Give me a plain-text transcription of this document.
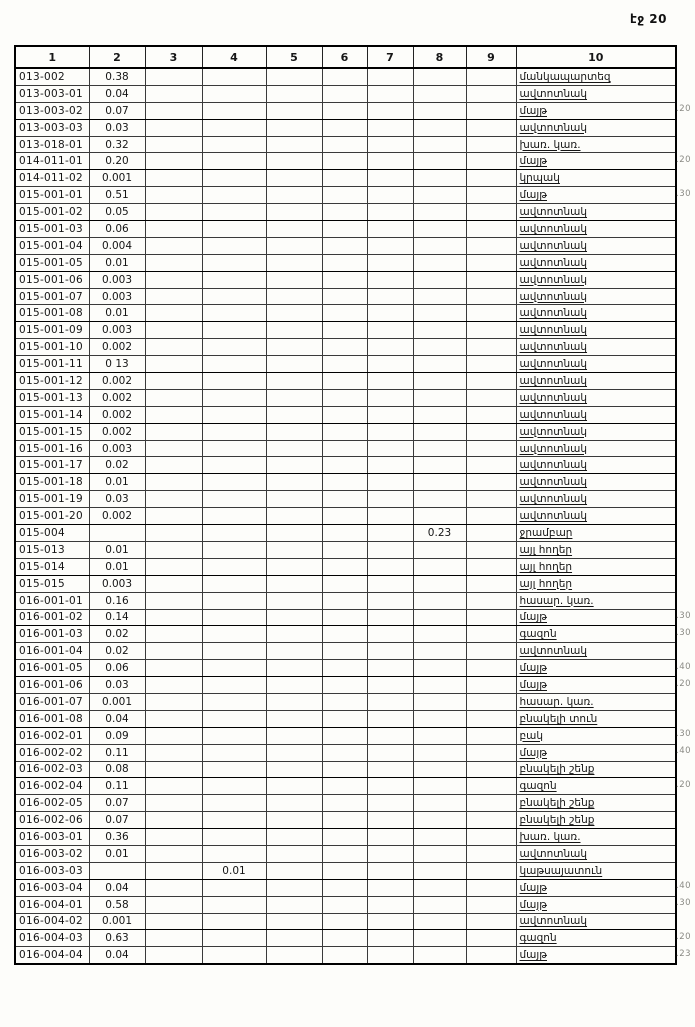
էջ 20
1	2	3	4	5	6	7	8	9	10
013-002	0.38								մանկապարտեզ
013-003-01	0.04								ավտոտնակ
013-003-02	0.07								մայթ
013-003-03	0.03								ավտոտնակ
013-018-01	0.32								խառ. կառ.
014-011-01	0.20								մայթ
014-011-02	0.001								կրպակ
015-001-01	0.51								մայթ
015-001-02	0.05								ավտոտնակ
015-001-03	0.06								ավտոտնակ
015-001-04	0.004								ավտոտնակ
015-001-05	0.01								ավտոտնակ
015-001-06	0.003								ավտոտնակ
015-001-07	0.003								ավտոտնակ
015-001-08	0.01								ավտոտնակ
015-001-09	0.003								ավտոտնակ
015-001-10	0.002								ավտոտնակ
015-001-11	0 13								ավտոտնակ
015-001-12	0.002								ավտոտնակ
015-001-13	0.002								ավտոտնակ
015-001-14	0.002								ավտոտնակ
015-001-15	0.002								ավտոտնակ
015-001-16	0.003								ավտոտնակ
015-001-17	0.02								ավտոտնակ
015-001-18	0.01								ավտոտնակ
015-001-19	0.03								ավտոտնակ
015-001-20	0.002								ավտոտնակ
015-004							0.23		ջրամբար
015-013	0.01								այլ հողեր
015-014	0.01								այլ հողեր
015-015	0.003								այլ հողեր
016-001-01	0.16								հասար. կառ.
016-001-02	0.14								մայթ
016-001-03	0.02								գազոն
016-001-04	0.02								ավտոտնակ
016-001-05	0.06								մայթ
016-001-06	0.03								մայթ
016-001-07	0.001								հասար. կառ.
016-001-08	0.04								բնակելի տուն
016-002-01	0.09								բակ
016-002-02	0.11								մայթ
016-002-03	0.08								բնակելի շենք
016-002-04	0.11								գազոն
016-002-05	0.07								բնակելի շենք
016-002-06	0.07								բնակելի շենք
016-003-01	0.36								խառ. կառ.
016-003-02	0.01								ավտոտնակ
016-003-03			0.01						կաթսայատուն
016-003-04	0.04								մայթ
016-004-01	0.58								մայթ
016-004-02	0.001								ավտոտնակ
016-004-03	0.63								գազոն
016-004-04	0.04								մայթ
.20
.20
.30
.30
.30
.40
.20
.30
.40
.20
.40
.30
.20
.23
